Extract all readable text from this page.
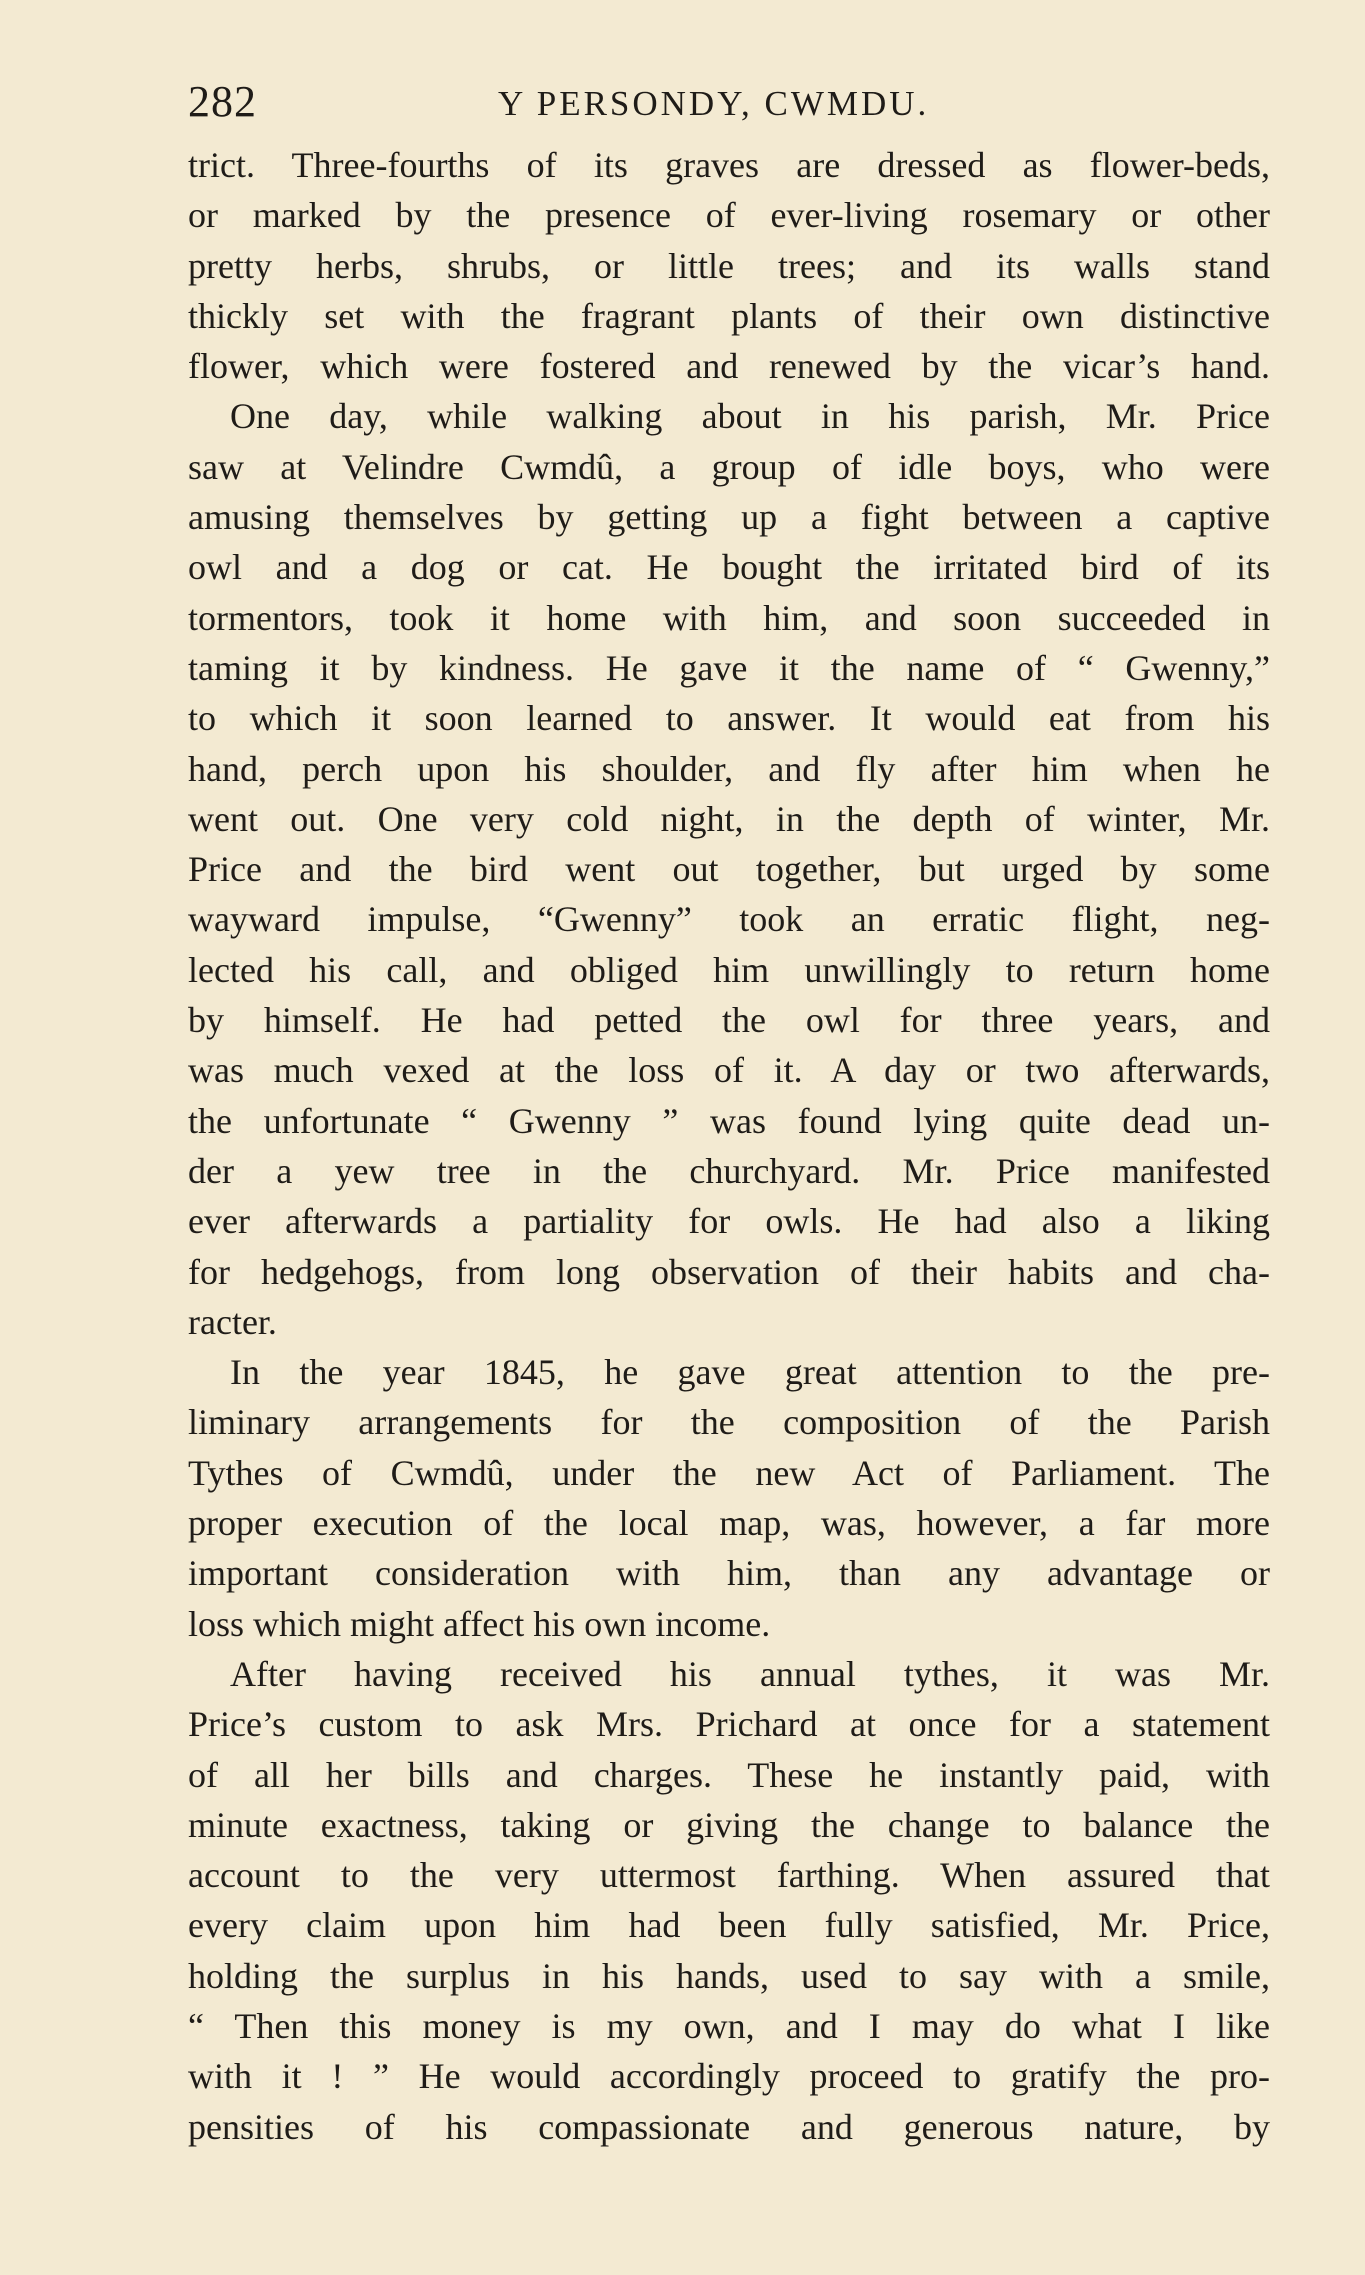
282	Y PERSONDY, CWMDU.
trict. Three-fourths of its graves are dressed as flower-beds,
or marked by the presence of ever-living rosemary or other
pretty herbs, shrubs, or little trees; and its walls stand
thickly set with the fragrant plants of their own distinctive
flower, which were fostered and renewed by the vicar’s hand.
One day, while walking about in his parish, Mr. Price
saw at Velindre Cwmdû, a group of idle boys, who were
amusing themselves by getting up a fight between a captive
owl and a dog or cat. He bought the irritated bird of its
tormentors, took it home with him, and soon succeeded in
taming it by kindness. He gave it the name of “ Gwenny,”
to which it soon learned to answer. It would eat from his
hand, perch upon his shoulder, and fly after him when he
went out. One very cold night, in the depth of winter, Mr.
Price and the bird went out together, but urged by some
wayward impulse, “Gwenny” took an erratic flight, neg-
lected his call, and obliged him unwillingly to return home
by himself. He had petted the owl for three years, and
was much vexed at the loss of it. A day or two afterwards,
the unfortunate “ Gwenny ” was found lying quite dead un-
der a yew tree in the churchyard. Mr. Price manifested
ever afterwards a partiality for owls. He had also a liking
for hedgehogs, from long observation of their habits and cha-
racter.
In the year 1845, he gave great attention to the pre-
liminary arrangements for the composition of the Parish
Tythes of Cwmdû, under the new Act of Parliament. The
proper execution of the local map, was, however, a far more
important consideration with him, than any advantage or
loss which might affect his own income.
After having received his annual tythes, it was Mr.
Price’s custom to ask Mrs. Prichard at once for a statement
of all her bills and charges. These he instantly paid, with
minute exactness, taking or giving the change to balance the
account to the very uttermost farthing. When assured that
every claim upon him had been fully satisfied, Mr. Price,
holding the surplus in his hands, used to say with a smile,
“ Then this money is my own, and I may do what I like
with it ! ” He would accordingly proceed to gratify the pro-
pensities of his compassionate and generous nature, by
